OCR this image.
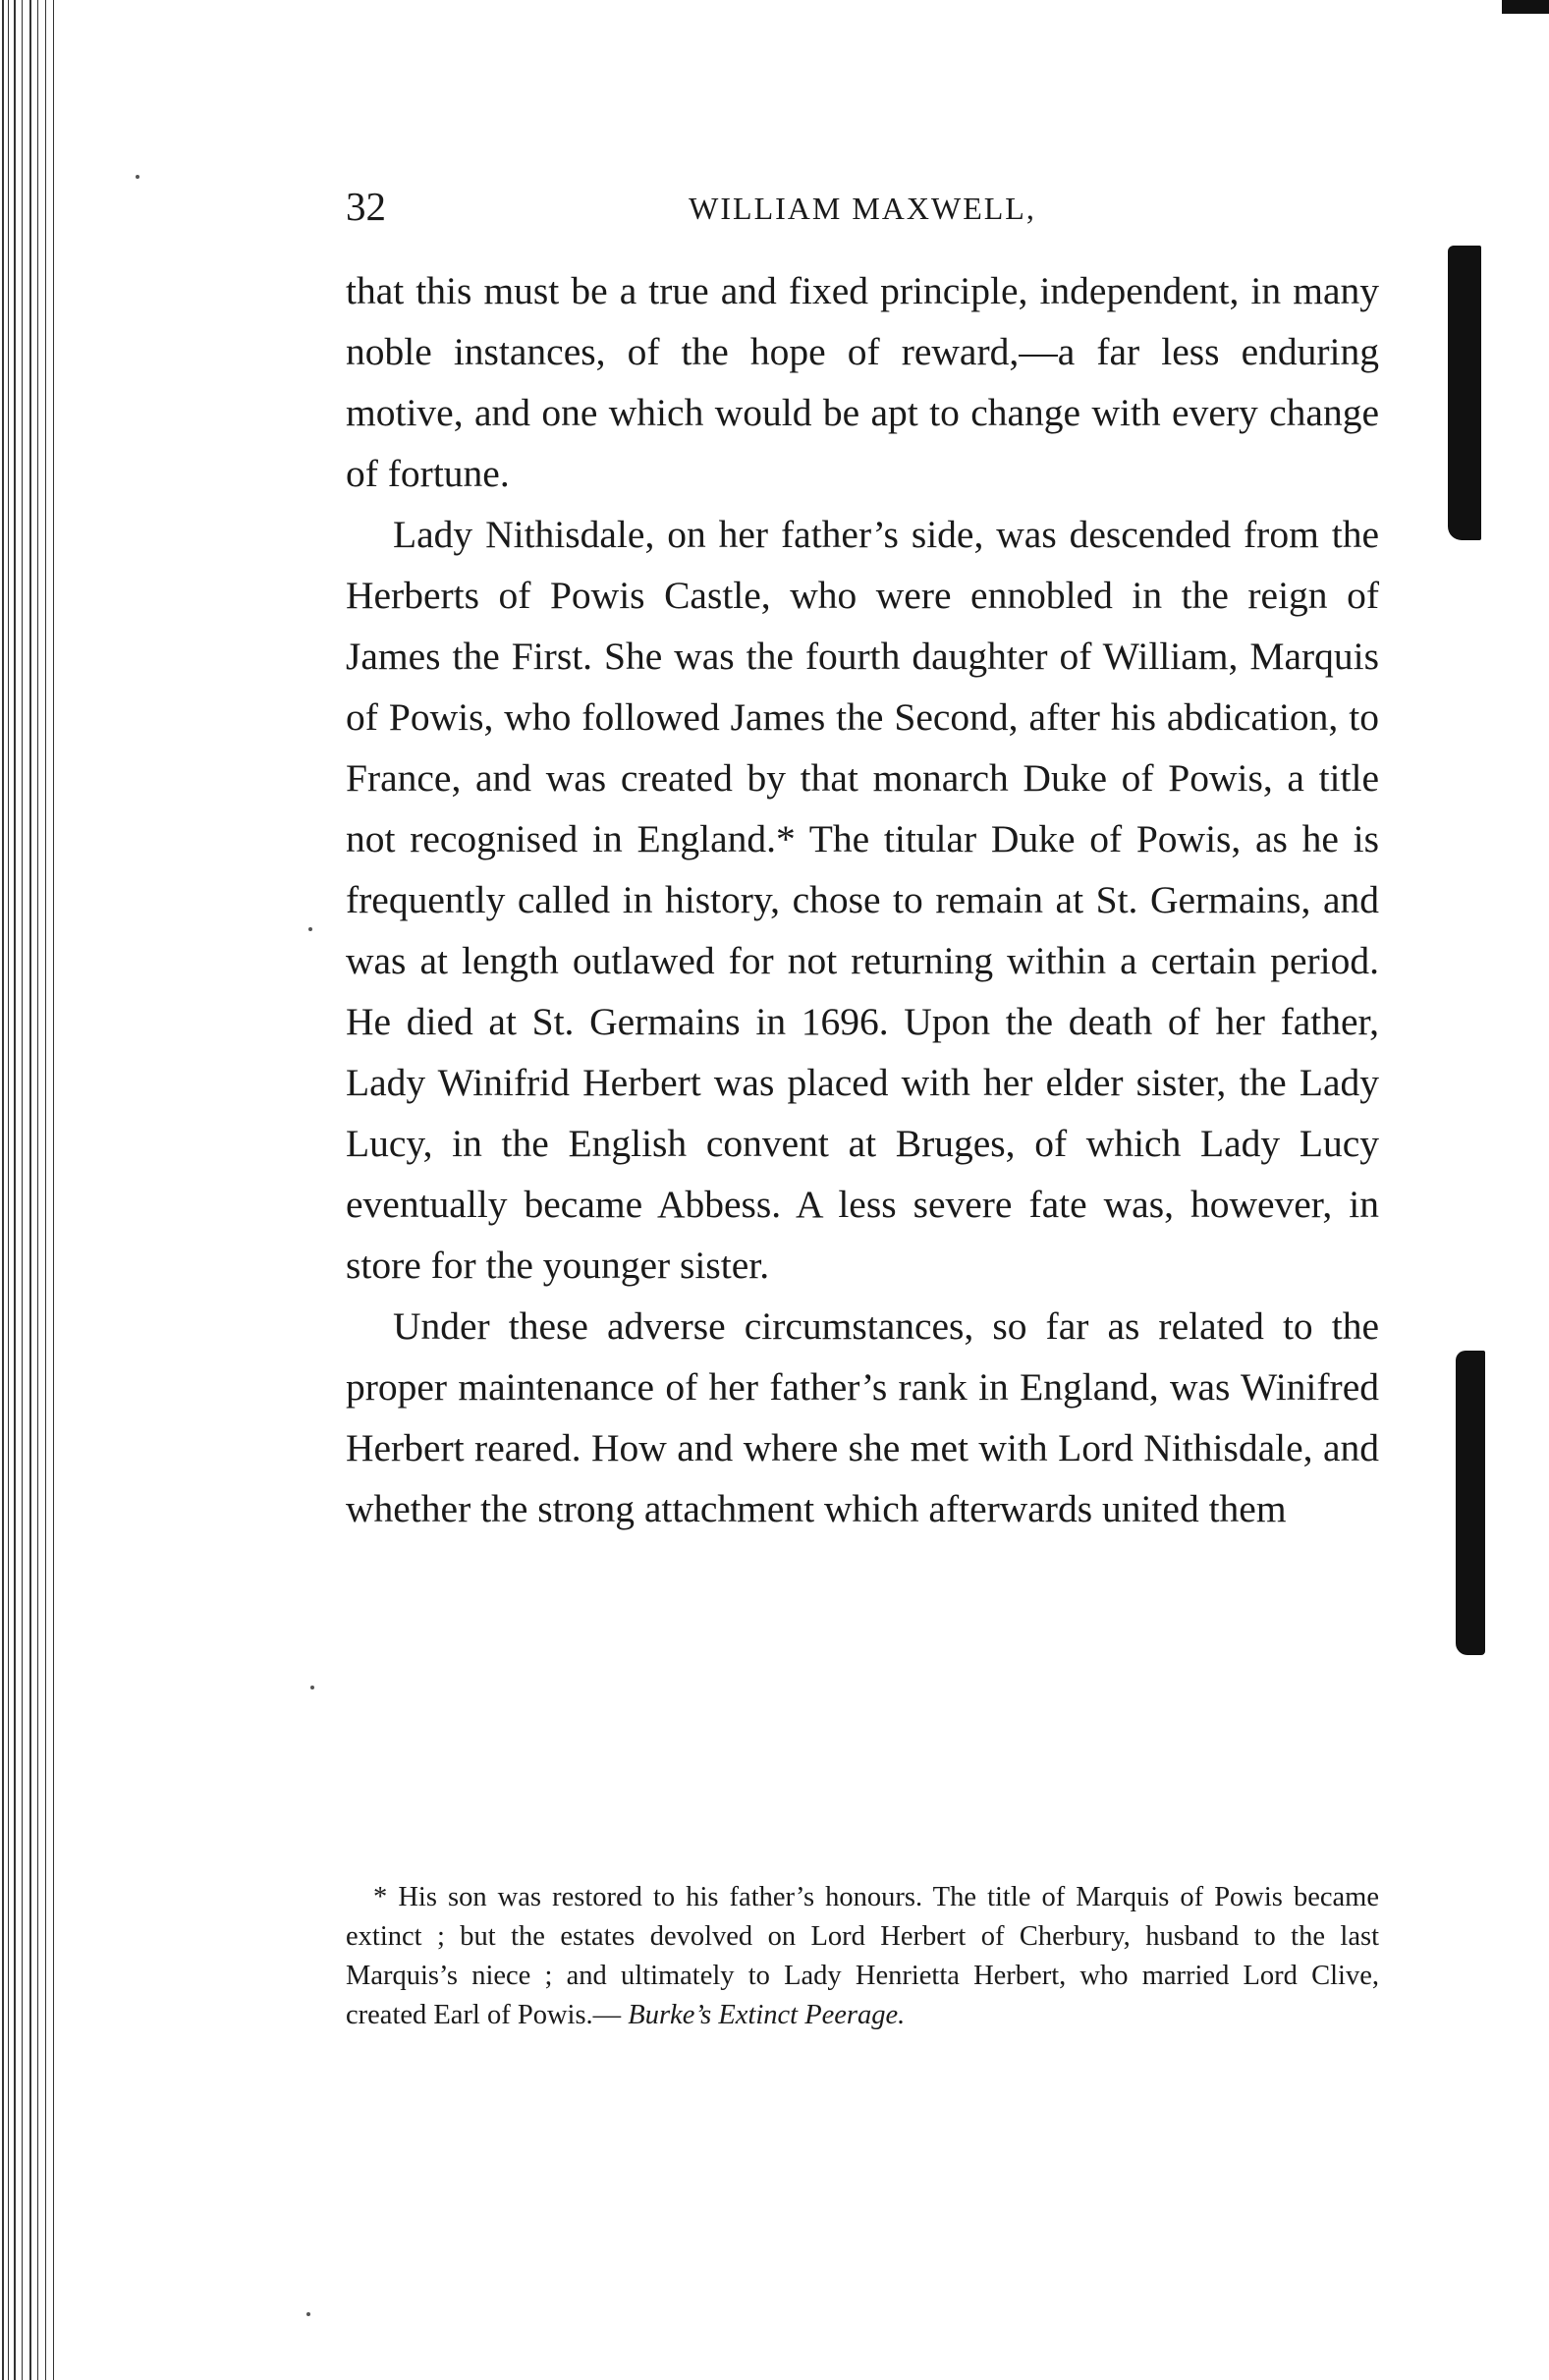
32	WILLIAM MAXWELL,

that this must be a true and fixed principle, independent, in many noble instances, of the hope of reward,—a far less enduring motive, and one which would be apt to change with every change of fortune.

Lady Nithisdale, on her father’s side, was descended from the Herberts of Powis Castle, who were ennobled in the reign of James the First. She was the fourth daughter of William, Marquis of Powis, who followed James the Second, after his abdication, to France, and was created by that monarch Duke of Powis, a title not recognised in England.* The titular Duke of Powis, as he is frequently called in history, chose to remain at St. Germains, and was at length outlawed for not returning within a certain period. He died at St. Germains in 1696. Upon the death of her father, Lady Winifrid Herbert was placed with her elder sister, the Lady Lucy, in the English convent at Bruges, of which Lady Lucy eventually became Abbess. A less severe fate was, however, in store for the younger sister.

Under these adverse circumstances, so far as related to the proper maintenance of her father’s rank in England, was Winifred Herbert reared. How and where she met with Lord Nithisdale, and whether the strong attachment which afterwards united them

* His son was restored to his father’s honours. The title of Marquis of Powis became extinct ; but the estates devolved on Lord Herbert of Cherbury, husband to the last Marquis’s niece ; and ultimately to Lady Henrietta Herbert, who married Lord Clive, created Earl of Powis.— Burke’s Extinct Peerage.
